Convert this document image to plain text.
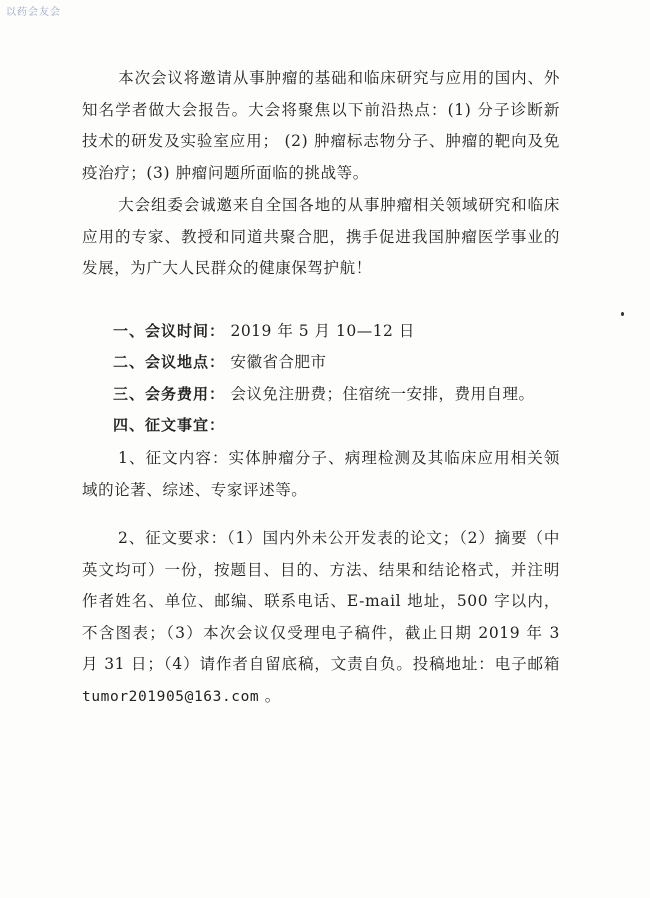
以药会友会
本次会议将邀请从事肿瘤的基础和临床研究与应用的国内、外知名学者做大会报告。大会将聚焦以下前沿热点：(1) 分子诊断新技术的研发及实验室应用； (2) 肿瘤标志物分子、肿瘤的靶向及免疫治疗；(3) 肿瘤问题所面临的挑战等。
大会组委会诚邀来自全国各地的从事肿瘤相关领域研究和临床应用的专家、教授和同道共聚合肥，携手促进我国肿瘤医学事业的发展，为广大人民群众的健康保驾护航！
一、会议时间： 2019 年 5 月 10—12 日
二、会议地点： 安徽省合肥市
三、会务费用： 会议免注册费；住宿统一安排，费用自理。
四、征文事宜：
1、征文内容：实体肿瘤分子、病理检测及其临床应用相关领域的论著、综述、专家评述等。
2、征文要求：（1）国内外未公开发表的论文；（2）摘要（中英文均可）一份，按题目、目的、方法、结果和结论格式，并注明作者姓名、单位、邮编、联系电话、E-mail 地址，500 字以内，不含图表；（3）本次会议仅受理电子稿件，截止日期 2019 年 3 月 31 日；（4）请作者自留底稿，文责自负。投稿地址：电子邮箱 tumor201905@163.com 。
